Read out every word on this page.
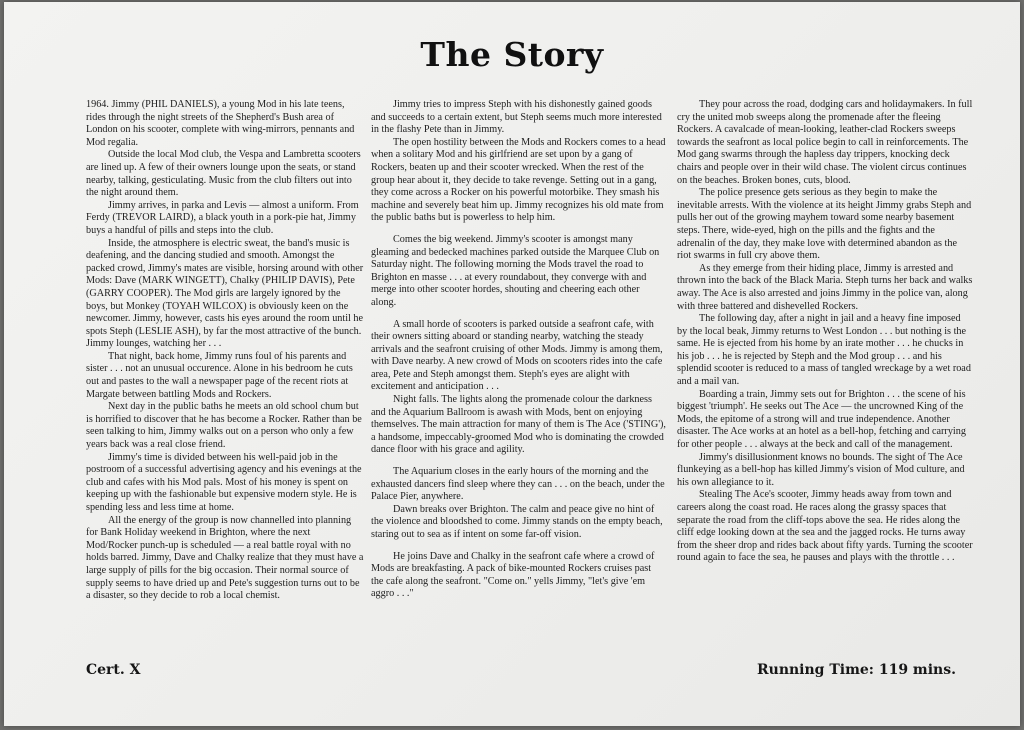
The Story

1964. Jimmy (PHIL DANIELS), a young Mod in his late teens, rides through the night streets of the Shepherd's Bush area of London on his scooter, complete with wing-mirrors, pennants and Mod regalia.

Outside the local Mod club, the Vespa and Lambretta scooters are lined up. A few of their owners lounge upon the seats, or stand nearby, talking, gesticulating. Music from the club filters out into the night around them.

Jimmy arrives, in parka and Levis — almost a uniform. From Ferdy (TREVOR LAIRD), a black youth in a pork-pie hat, Jimmy buys a handful of pills and steps into the club.

Inside, the atmosphere is electric sweat, the band's music is deafening, and the dancing studied and smooth. Amongst the packed crowd, Jimmy's mates are visible, horsing around with other Mods: Dave (MARK WINGETT), Chalky (PHILIP DAVIS), Pete (GARRY COOPER). The Mod girls are largely ignored by the boys, but Monkey (TOYAH WILCOX) is obviously keen on the newcomer. Jimmy, however, casts his eyes around the room until he spots Steph (LESLIE ASH), by far the most attractive of the bunch. Jimmy lounges, watching her . . .

That night, back home, Jimmy runs foul of his parents and sister . . . not an unusual occurence. Alone in his bedroom he cuts out and pastes to the wall a newspaper page of the recent riots at Margate between battling Mods and Rockers.

Next day in the public baths he meets an old school chum but is horrified to discover that he has become a Rocker. Rather than be seen talking to him, Jimmy walks out on a person who only a few years back was a real close friend.

Jimmy's time is divided between his well-paid job in the postroom of a successful advertising agency and his evenings at the club and cafes with his Mod pals. Most of his money is spent on keeping up with the fashionable but expensive modern style. He is spending less and less time at home.

All the energy of the group is now channelled into planning for Bank Holiday weekend in Brighton, where the next Mod/Rocker punch-up is scheduled — a real battle royal with no holds barred. Jimmy, Dave and Chalky realize that they must have a large supply of pills for the big occasion. Their normal source of supply seems to have dried up and Pete's suggestion turns out to be a disaster, so they decide to rob a local chemist.

Jimmy tries to impress Steph with his dishonestly gained goods and succeeds to a certain extent, but Steph seems much more interested in the flashy Pete than in Jimmy.

The open hostility between the Mods and Rockers comes to a head when a solitary Mod and his girlfriend are set upon by a gang of Rockers, beaten up and their scooter wrecked. When the rest of the group hear about it, they decide to take revenge. Setting out in a gang, they come across a Rocker on his powerful motorbike. They smash his machine and severely beat him up. Jimmy recognizes his old mate from the public baths but is powerless to help him.

Comes the big weekend. Jimmy's scooter is amongst many gleaming and bedecked machines parked outside the Marquee Club on Saturday night. The following morning the Mods travel the road to Brighton en masse . . . at every roundabout, they converge with and merge into other scooter hordes, shouting and cheering each other along.

A small horde of scooters is parked outside a seafront cafe, with their owners sitting aboard or standing nearby, watching the steady arrivals and the seafront cruising of other Mods. Jimmy is among them, with Dave nearby. A new crowd of Mods on scooters rides into the cafe area, Pete and Steph amongst them. Steph's eyes are alight with excitement and anticipation . . .

Night falls. The lights along the promenade colour the darkness and the Aquarium Ballroom is awash with Mods, bent on enjoying themselves. The main attraction for many of them is The Ace ('STING'), a handsome, impeccably-groomed Mod who is dominating the crowded dance floor with his grace and agility.

The Aquarium closes in the early hours of the morning and the exhausted dancers find sleep where they can . . . on the beach, under the Palace Pier, anywhere.

Dawn breaks over Brighton. The calm and peace give no hint of the violence and bloodshed to come. Jimmy stands on the empty beach, staring out to sea as if intent on some far-off vision.

He joins Dave and Chalky in the seafront cafe where a crowd of Mods are breakfasting. A pack of bike-mounted Rockers cruises past the cafe along the seafront. "Come on." yells Jimmy, "let's give 'em aggro . . ."

They pour across the road, dodging cars and holidaymakers. In full cry the united mob sweeps along the promenade after the fleeing Rockers. A cavalcade of mean-looking, leather-clad Rockers sweeps towards the seafront as local police begin to call in reinforcements. The Mod gang swarms through the hapless day trippers, knocking deck chairs and people over in their wild chase. The violent circus continues on the beaches. Broken bones, cuts, blood.

The police presence gets serious as they begin to make the inevitable arrests. With the violence at its height Jimmy grabs Steph and pulls her out of the growing mayhem toward some nearby basement steps. There, wide-eyed, high on the pills and the fights and the adrenalin of the day, they make love with determined abandon as the riot swarms in full cry above them.

As they emerge from their hiding place, Jimmy is arrested and thrown into the back of the Black Maria. Steph turns her back and walks away. The Ace is also arrested and joins Jimmy in the police van, along with three battered and dishevelled Rockers.

The following day, after a night in jail and a heavy fine imposed by the local beak, Jimmy returns to West London . . . but nothing is the same. He is ejected from his home by an irate mother . . . he chucks in his job . . . he is rejected by Steph and the Mod group . . . and his splendid scooter is reduced to a mass of tangled wreckage by a wet road and a mail van.

Boarding a train, Jimmy sets out for Brighton . . . the scene of his biggest 'triumph'. He seeks out The Ace — the uncrowned King of the Mods, the epitome of a strong will and true independence. Another disaster. The Ace works at an hotel as a bell-hop, fetching and carrying for other people . . . always at the beck and call of the management.

Jimmy's disillusionment knows no bounds. The sight of The Ace flunkeying as a bell-hop has killed Jimmy's vision of Mod culture, and his own allegiance to it.

Stealing The Ace's scooter, Jimmy heads away from town and careers along the coast road. He races along the grassy spaces that separate the road from the cliff-tops above the sea. He rides along the cliff edge looking down at the sea and the jagged rocks. He turns away from the sheer drop and rides back about fifty yards. Turning the scooter round again to face the sea, he pauses and plays with the throttle . . .

Cert. X	Running Time: 119 mins.
